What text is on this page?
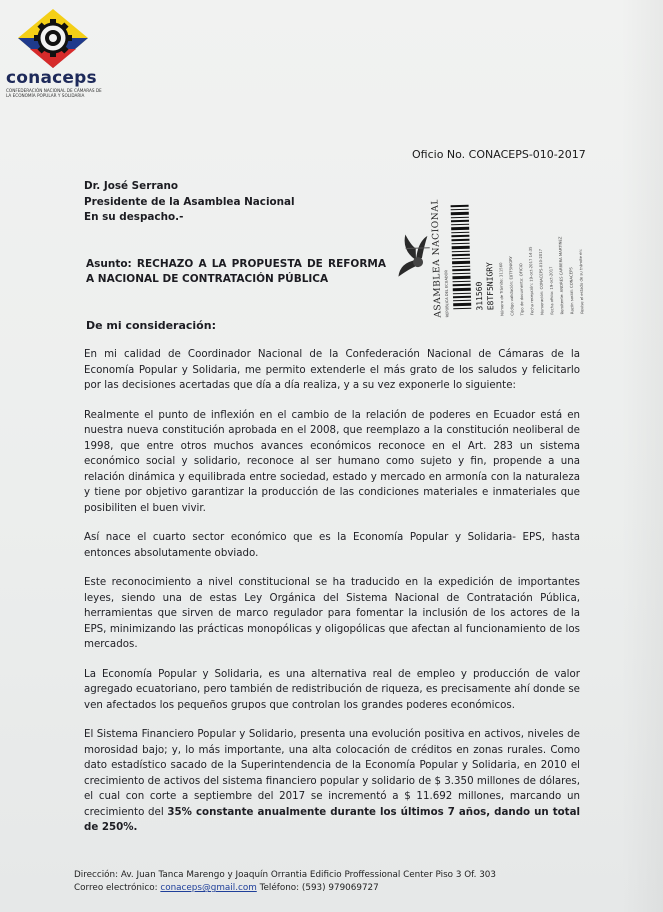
conaceps
CONFEDERACIÓN NACIONAL DE CÁMARAS DE LA ECONOMÍA POPULAR Y SOLIDARIA
Oficio No. CONACEPS-010-2017
Dr. José Serrano
Presidente de la Asamblea Nacional
En su despacho.-	ASAMBLEA NACIONAL REPÚBLICA DEL ECUADOR	311560 E8TF5NIGRY Número de Trámite: 311560 Código validación: E8TF5NIGRY Tipo de documento: OFICIO Fecha recepción: 19-oct-2017 14:35 Numeración: CONACEPS-010-2017 Fecha oficio: 19-oct-2017 Remitente: ANDRES CARRERA MARTINEZ Razón social: CONACEPS Revise el estado de su trámite en:
Asunto: RECHAZO A LA PROPUESTA DE REFORMA A NACIONAL DE CONTRATACIÓN PÚBLICA
De mi consideración:

En mi calidad de Coordinador Nacional de la Confederación Nacional de Cámaras de la Economía Popular y Solidaria, me permito extenderle el más grato de los saludos y felicitarlo por las decisiones acertadas que día a día realiza, y a su vez exponerle lo siguiente:

Realmente el punto de inflexión en el cambio de la relación de poderes en Ecuador está en nuestra nueva constitución aprobada en el 2008, que reemplazo a la constitución neoliberal de 1998, que entre otros muchos avances económicos reconoce en el Art. 283 un sistema económico social y solidario, reconoce al ser humano como sujeto y fin, propende a una relación dinámica y equilibrada entre sociedad, estado y mercado en armonía con la naturaleza y tiene por objetivo garantizar la producción de las condiciones materiales e inmateriales que posibiliten el buen vivir.

Así nace el cuarto sector económico que es la Economía Popular y Solidaria- EPS, hasta entonces absolutamente obviado.

Este reconocimiento a nivel constitucional se ha traducido en la expedición de importantes leyes, siendo una de estas Ley Orgánica del Sistema Nacional de Contratación Pública, herramientas que sirven de marco regulador para fomentar la inclusión de los actores de la EPS, minimizando las prácticas monopólicas y oligopólicas que afectan al funcionamiento de los mercados.

La Economía Popular y Solidaria, es una alternativa real de empleo y producción de valor agregado ecuatoriano, pero también de redistribución de riqueza, es precisamente ahí donde se ven afectados los pequeños grupos que controlan los grandes poderes económicos.

El Sistema Financiero Popular y Solidario, presenta una evolución positiva en activos, niveles de morosidad bajo; y, lo más importante, una alta colocación de créditos en zonas rurales. Como dato estadístico sacado de la Superintendencia de la Economía Popular y Solidaria, en 2010 el crecimiento de activos del sistema financiero popular y solidario de $ 3.350 millones de dólares, el cual con corte a septiembre del 2017 se incrementó a $ 11.692 millones, marcando un crecimiento del 35% constante anualmente durante los últimos 7 años, dando un total de 250%.

Dirección: Av. Juan Tanca Marengo y Joaquín Orrantia Edificio Proffessional Center Piso 3 Of. 303
Correo electrónico: conaceps@gmail.com Teléfono: (593) 979069727
